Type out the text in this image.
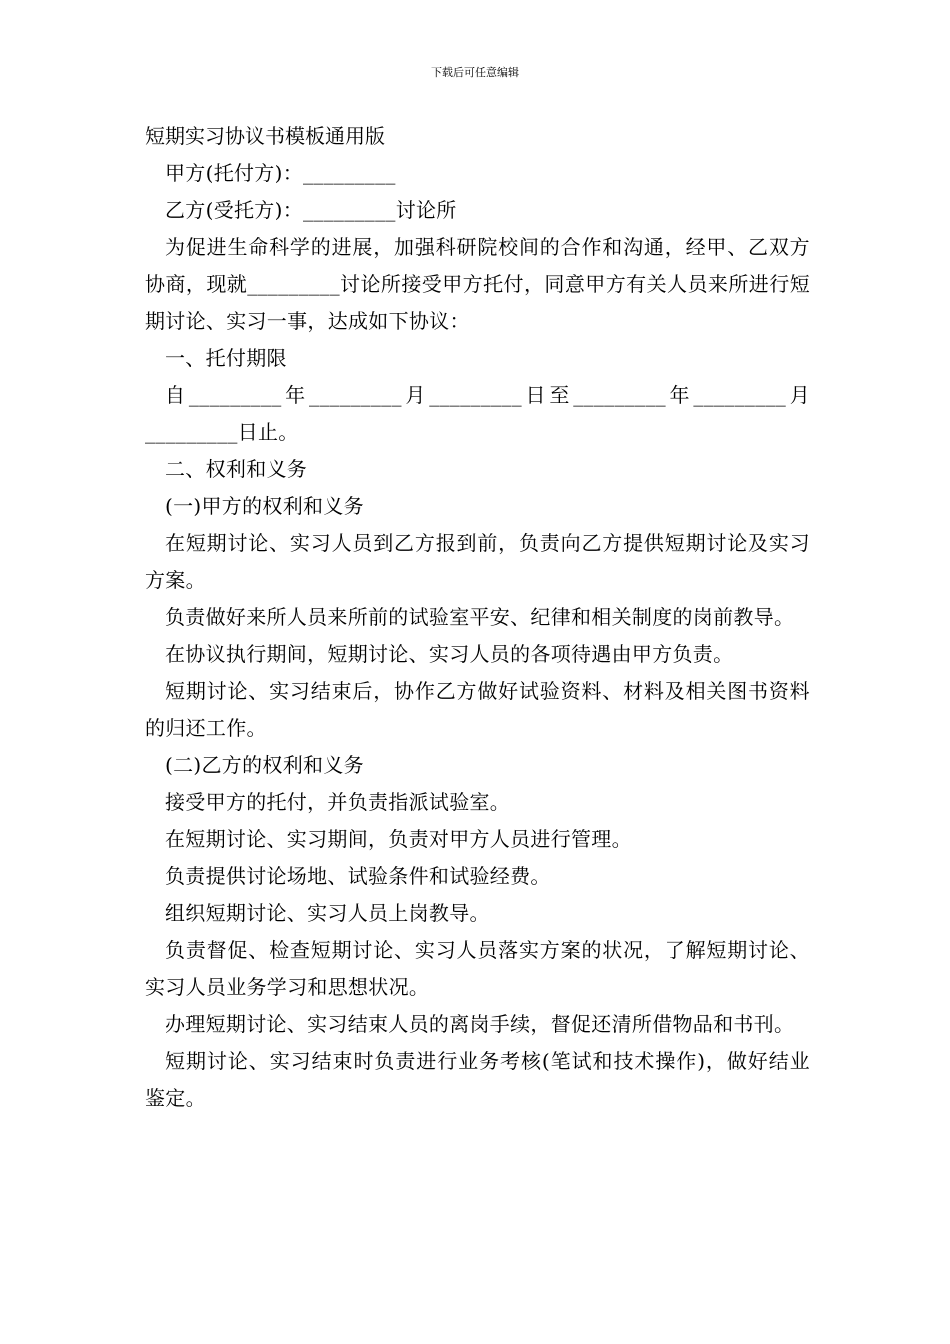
下载后可任意编辑

短期实习协议书模板通用版

甲方(托付方)：_________

乙方(受托方)：_________讨论所

为促进生命科学的进展，加强科研院校间的合作和沟通，经甲、乙双方协商，现就_________讨论所接受甲方托付，同意甲方有关人员来所进行短期讨论、实习一事，达成如下协议：

一、托付期限

自_________年_________月_________日至_________年_________月_________日止。

二、权利和义务

(一)甲方的权利和义务

在短期讨论、实习人员到乙方报到前，负责向乙方提供短期讨论及实习方案。

负责做好来所人员来所前的试验室平安、纪律和相关制度的岗前教导。

在协议执行期间，短期讨论、实习人员的各项待遇由甲方负责。

短期讨论、实习结束后，协作乙方做好试验资料、材料及相关图书资料的归还工作。

(二)乙方的权利和义务

接受甲方的托付，并负责指派试验室。

在短期讨论、实习期间，负责对甲方人员进行管理。

负责提供讨论场地、试验条件和试验经费。

组织短期讨论、实习人员上岗教导。

负责督促、检查短期讨论、实习人员落实方案的状况，了解短期讨论、实习人员业务学习和思想状况。

办理短期讨论、实习结束人员的离岗手续，督促还清所借物品和书刊。

短期讨论、实习结束时负责进行业务考核(笔试和技术操作)，做好结业鉴定。
